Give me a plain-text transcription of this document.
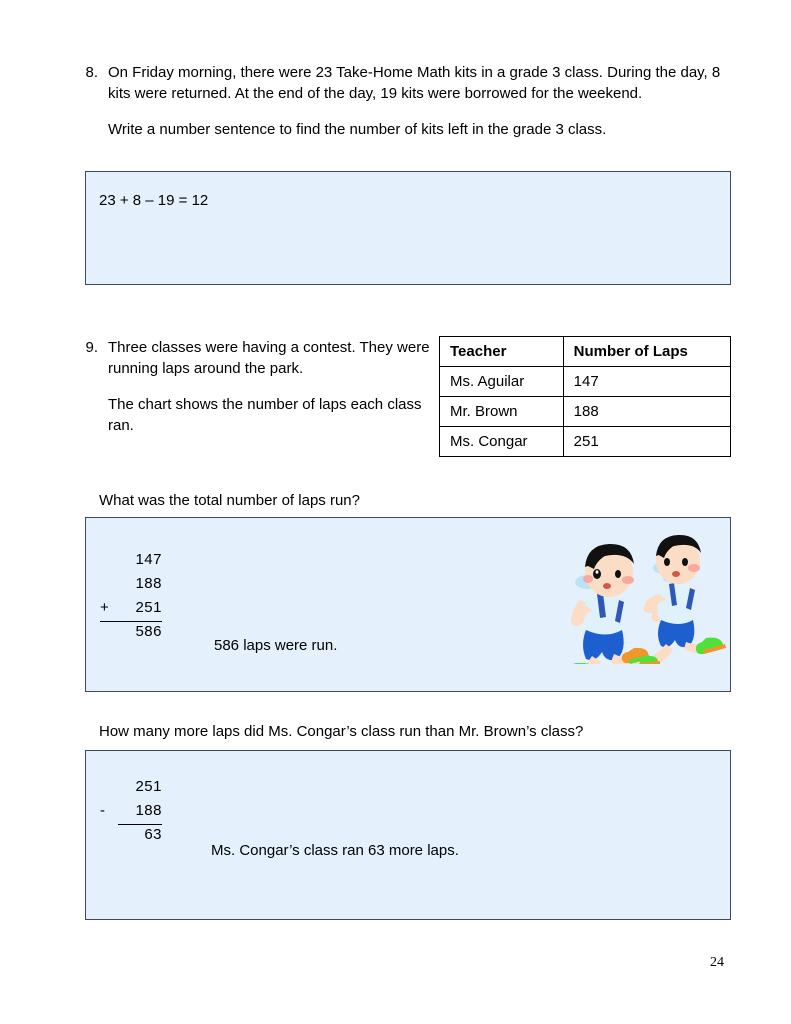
8. On Friday morning, there were 23 Take-Home Math kits in a grade 3 class. During the day, 8 kits were returned. At the end of the day, 19 kits were borrowed for the weekend.

Write a number sentence to find the number of kits left in the grade 3 class.

23 + 8 – 19 = 12
9. Three classes were having a contest. They were running laps around the park.

The chart shows the number of laps each class ran.

Teacher	Number of Laps
Ms. Aguilar	147
Mr. Brown	188
Ms. Congar	251
What was the total number of laps run?
147
188
+	251
586
586 laps were run.
How many more laps did Ms. Congar’s class run than Mr. Brown’s class?
251
-	188
63
Ms. Congar’s class ran 63 more laps.
24
